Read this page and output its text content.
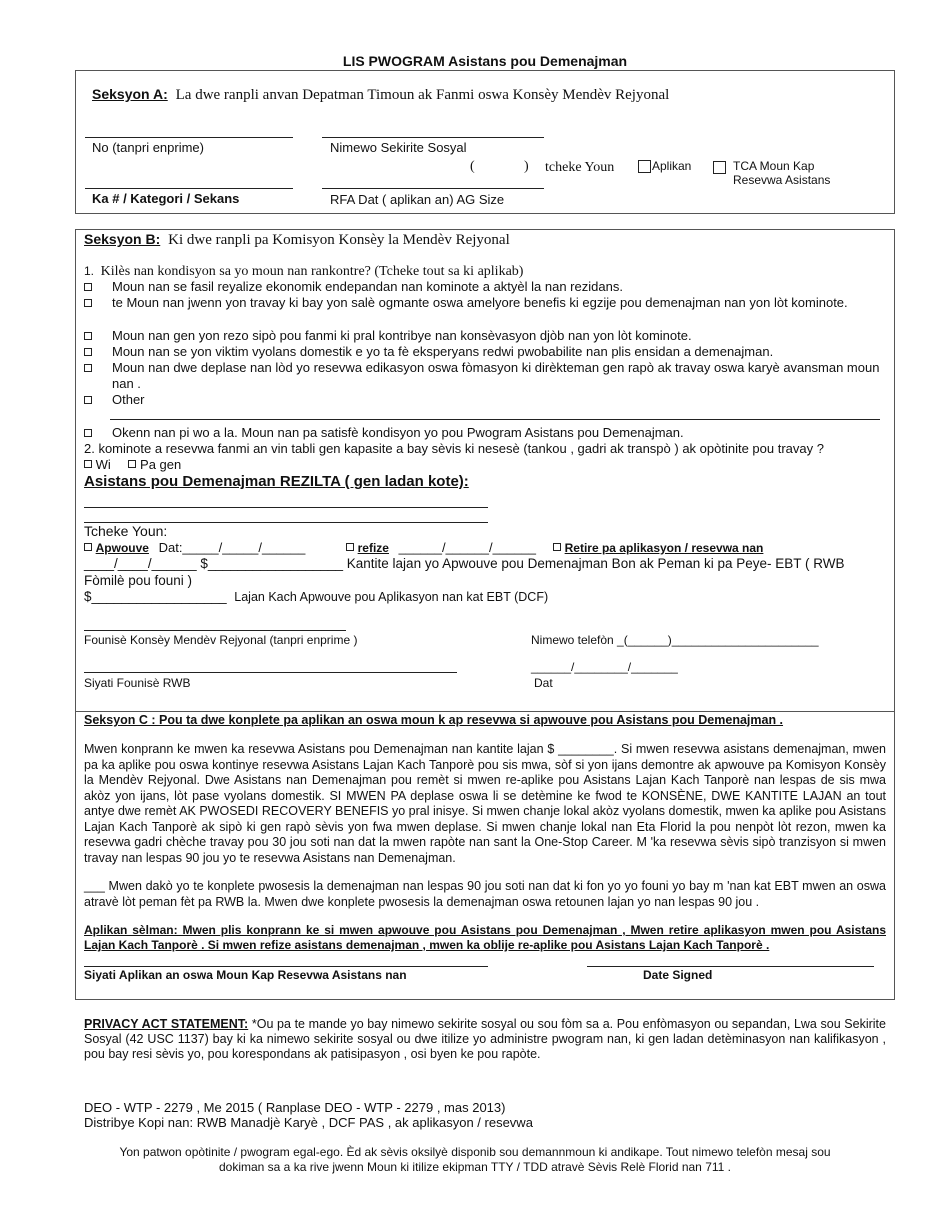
LIS PWOGRAM Asistans pou Demenajman
Seksyon A: La dwe ranpli anvan Depatman Timoun ak Fanmi oswa Konsèy Mendèv Rejyonal
No (tanpri enprime)	Nimewo Sekirite Sosyal
(	) tcheke Youn	Aplikan	TCA Moun Kap Resevwa Asistans
Ka # / Kategori / Sekans	RFA Dat ( aplikan an) AG Size
Seksyon B: Ki dwe ranpli pa Komisyon Konsèy la Mendèv Rejyonal
1. Kilès nan kondisyon sa yo moun nan rankontre? (Tcheke tout sa ki aplikab)
Moun nan se fasil reyalize ekonomik endepandan nan kominote a aktyèl la nan rezidans.
te Moun nan jwenn yon travay ki bay yon salè ogmante oswa amelyore benefis ki egzije pou demenajman nan yon lòt kominote.
Moun nan gen yon rezo sipò pou fanmi ki pral kontribye nan konsèvasyon djòb nan yon lòt kominote.
Moun nan se yon viktim vyolans domestik e yo ta fè eksperyans redwi pwobabilite nan plis ensidan a demenajman.
Moun nan dwe deplase nan lòd yo resevwa edikasyon oswa fòmasyon ki dirèkteman gen rapò ak travay oswa karyè avansman moun nan .
Other
Okenn nan pi wo a la. Moun nan pa satisfè kondisyon yo pou Pwogram Asistans pou Demenajman.
2. kominote a resevwa fanmi an vin tabli gen kapasite a bay sèvis ki nesesè (tankou , gadri ak transpò ) ak opòtinite pou travay ?
Wi Pa gen
Asistans pou Demenajman REZILTA ( gen ladan kote):
Tcheke Youn:
Apwouve Dat:_____/_____/______	refize ______/______/______	Retire pa aplikasyon / resevwa nan
____/____/______ $__________________ Kantite lajan yo Apwouve pou Demenajman Bon ak Peman ki pa Peye- EBT ( RWB
Fòmilè pou founi )
$__________________ Lajan Kach Apwouve pou Aplikasyon nan kat EBT (DCF)
Founisè Konsèy Mendèv Rejyonal (tanpri enprime )	Nimewo telefòn _(______)______________________
______/________/_______
Siyati Founisè RWB	Dat
Seksyon C : Pou ta dwe konplete pa aplikan an oswa moun k ap resevwa si apwouve pou Asistans pou Demenajman .
Mwen konprann ke mwen ka resevwa Asistans pou Demenajman nan kantite lajan $ ________. Si mwen resevwa asistans demenajman, mwen pa ka aplike pou oswa kontinye resevwa Asistans Lajan Kach Tanporè pou sis mwa, sòf si yon ijans demontre ak apwouve pa Komisyon Konsèy la Mendèv Rejyonal. Dwe Asistans nan Demenajman pou remèt si mwen re-aplike pou Asistans Lajan Kach Tanporè nan lespas de sis mwa akòz yon ijans, lòt pase vyolans domestik. SI MWEN PA deplase oswa li se detèmine ke fwod te KONSÈNE, DWE KANTITE LAJAN an tout antye dwe remèt AK PWOSEDI RECOVERY BENEFIS yo pral inisye. Si mwen chanje lokal akòz vyolans domestik, mwen ka aplike pou Asistans Lajan Kach Tanporè ak sipò ki gen rapò sèvis yon fwa mwen deplase. Si mwen chanje lokal nan Eta Florid la pou nenpòt lòt rezon, mwen ka resevwa gadri chèche travay pou 30 jou soti nan dat la mwen rapòte nan sant la One-Stop Career. M 'ka resevwa sèvis sipò tranzisyon si mwen travay nan lespas 90 jou yo te resevwa Asistans nan Demenajman.
___ Mwen dakò yo te konplete pwosesis la demenajman nan lespas 90 jou soti nan dat ki fon yo yo founi yo bay m 'nan kat EBT mwen an oswa atravè lòt peman fèt pa RWB la. Mwen dwe konplete pwosesis la demenajman oswa retounen lajan yo nan lespas 90 jou .
Aplikan sèlman: Mwen plis konprann ke si mwen apwouve pou Asistans pou Demenajman , Mwen retire aplikasyon mwen pou Asistans Lajan Kach Tanporè . Si mwen refize asistans demenajman , mwen ka oblije re-aplike pou Asistans Lajan Kach Tanporè .
Siyati Aplikan an oswa Moun Kap Resevwa Asistans nan	Date Signed
PRIVACY ACT STATEMENT: *Ou pa te mande yo bay nimewo sekirite sosyal ou sou fòm sa a. Pou enfòmasyon ou sepandan, Lwa sou Sekirite Sosyal (42 USC 1137) bay ki ka nimewo sekirite sosyal ou dwe itilize yo administre pwogram nan, ki gen ladan detèminasyon nan kalifikasyon , pou bay resi sèvis yo, pou korespondans ak patisipasyon , osi byen ke pou rapòte.
DEO - WTP - 2279 , Me 2015 ( Ranplase DEO - WTP - 2279 , mas 2013)
Distribye Kopi nan: RWB Manadjè Karyè , DCF PAS , ak aplikasyon / resevwa
Yon patwon opòtinite / pwogram egal-ego. Èd ak sèvis oksilyè disponib sou demannmoun ki andikape. Tout nimewo telefòn mesaj sou
dokiman sa a ka rive jwenn Moun ki itilize ekipman TTY / TDD atravè Sèvis Relè Florid nan 711 .
